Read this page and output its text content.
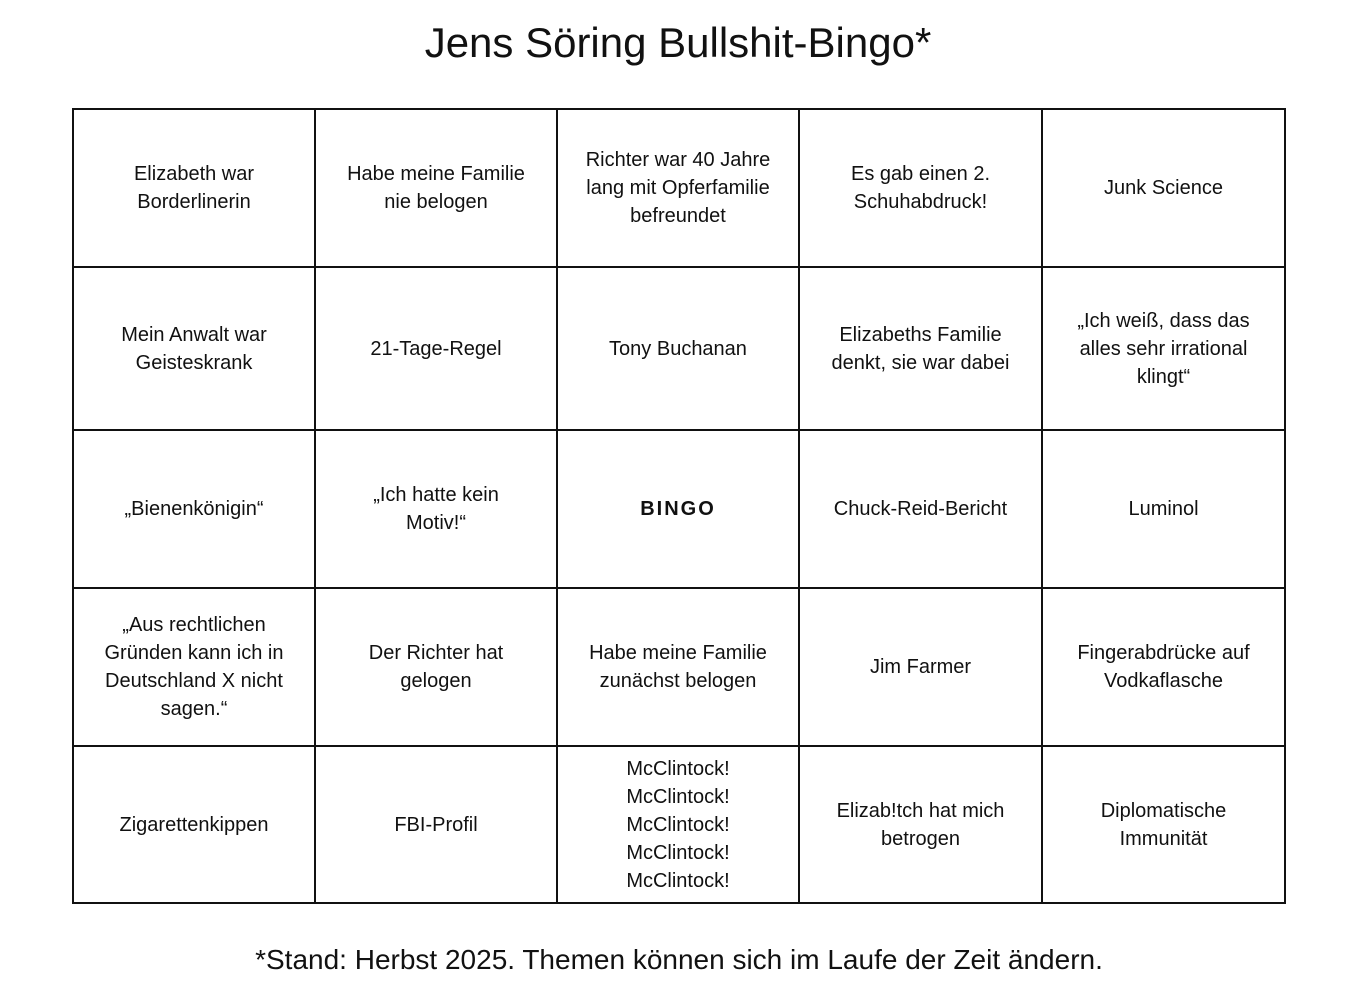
Jens Söring Bullshit-Bingo*
Elizabeth war Borderlinerin	Habe meine Familie nie belogen	Richter war 40 Jahre lang mit Opferfamilie befreundet	Es gab einen 2. Schuhabdruck!	Junk Science

Mein Anwalt war Geisteskrank	21-Tage-Regel	Tony Buchanan	Elizabeths Familie denkt, sie war dabei	„Ich weiß, dass das alles sehr irrational klingt“

„Bienenkönigin“	„Ich hatte kein Motiv!“	BINGO	Chuck-Reid-Bericht	Luminol

„Aus rechtlichen Gründen kann ich in Deutschland X nicht sagen.“	Der Richter hat gelogen	Habe meine Familie zunächst belogen	Jim Farmer	Fingerabdrücke auf Vodkaflasche

Zigarettenkippen	FBI-Profil	McClintock! McClintock! McClintock! McClintock! McClintock!	Elizab!tch hat mich betrogen	Diplomatische Immunität

*Stand: Herbst 2025. Themen können sich im Laufe der Zeit ändern.
